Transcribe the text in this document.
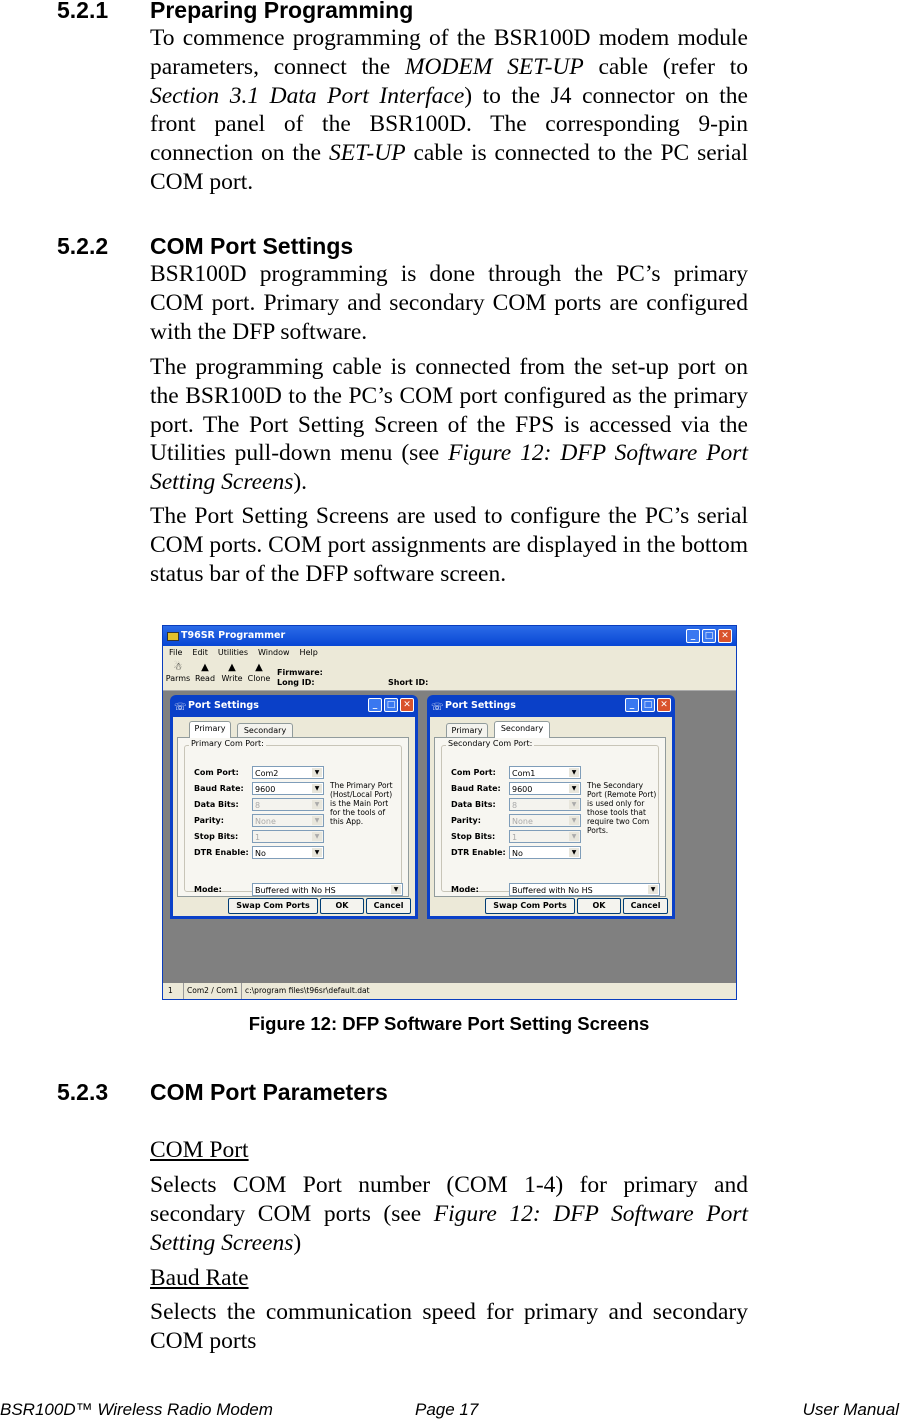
5.2.1 Preparing Programming
To commence programming of the BSR100D modem module parameters, connect the MODEM SET-UP cable (refer to Section 3.1 Data Port Interface) to the J4 connector on the front panel of the BSR100D. The corresponding 9-pin connection on the SET-UP cable is connected to the PC serial COM port.
5.2.2 COM Port Settings
BSR100D programming is done through the PC’s primary COM port. Primary and secondary COM ports are configured with the DFP software.
The programming cable is connected from the set-up port on the BSR100D to the PC’s COM port configured as the primary port. The Port Setting Screen of the FPS is accessed via the Utilities pull-down menu (see Figure 12: DFP Software Port Setting Screens).
The Port Setting Screens are used to configure the PC’s serial COM ports. COM port assignments are displayed in the bottom status bar of the DFP software screen.
T96SR Programmer	_	□ ✕
File Edit Utilities Window Help
☃
Parms
▲
Read
▲
Write
▲
Clone
Firmware:
Long ID:	Short ID:
☏ Port Settings	_	□ ✕
Primary	Secondary
Primary Com Port:
Com Port:	Com2	▼
Baud Rate:	9600	▼
Data Bits:	8	▼
Parity:	None	▼
Stop Bits:	1	▼
DTR Enable: No	▼
Mode:	Buffered with No HS	▼
The Primary Port (Host/Local Port) is the Main Port for the tools of this App.
Swap Com Ports	OK	Cancel
☏ Port Settings	_	□ ✕
Primary	Secondary
Secondary Com Port:
Com Port:	Com1	▼
Baud Rate:	9600	▼
Data Bits:	8	▼
Parity:	None	▼
Stop Bits:	1	▼
DTR Enable: No	▼
Mode:	Buffered with No HS	▼
The Secondary Port (Remote Port) is used only for those tools that require two Com Ports.
Swap Com Ports	OK	Cancel
1	Com2 / Com1 c:\program files\t96sr\default.dat
Figure 12: DFP Software Port Setting Screens
5.2.3 COM Port Parameters
COM Port
Selects COM Port number (COM 1-4) for primary and secondary COM ports (see Figure 12: DFP Software Port Setting Screens)
Baud Rate
Selects the communication speed for primary and secondary COM ports
BSR100D™ Wireless Radio Modem	Page 17	User Manual
